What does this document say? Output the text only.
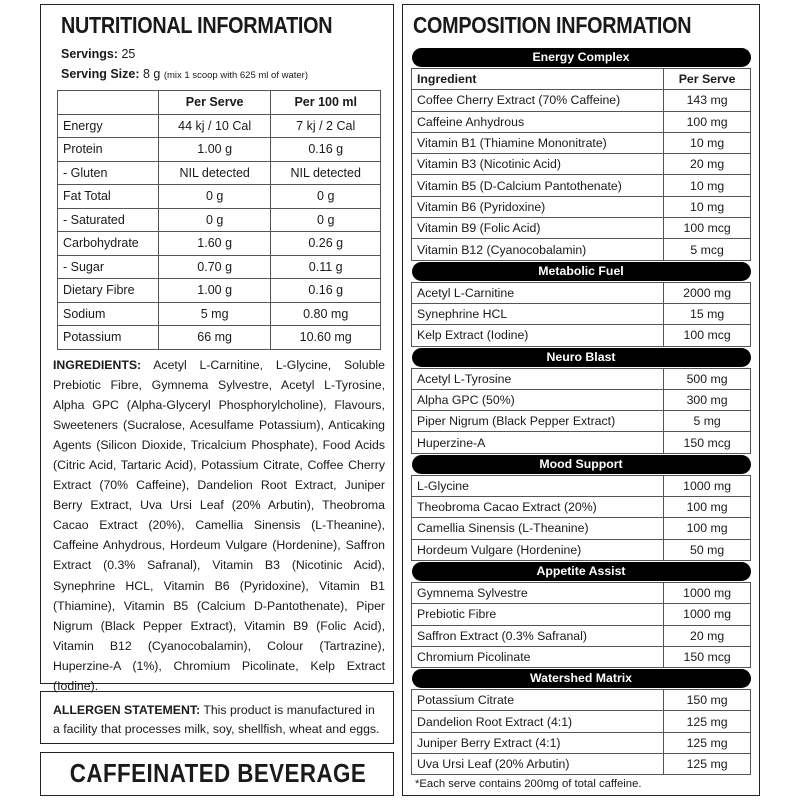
NUTRITIONAL INFORMATION
Servings: 25
Serving Size: 8 g (mix 1 scoop with 625 ml of water)
	Per Serve	Per 100 ml
Energy	44 kj / 10 Cal	7 kj / 2 Cal
Protein	1.00 g	0.16 g
- Gluten	NIL detected	NIL detected
Fat Total	0 g	0 g
- Saturated	0 g	0 g
Carbohydrate	1.60 g	0.26 g
- Sugar	0.70 g	0.11 g
Dietary Fibre	1.00 g	0.16 g
Sodium	5 mg	0.80 mg
Potassium	66 mg	10.60 mg
INGREDIENTS: Acetyl L-Carnitine, L-Glycine, Soluble Prebiotic Fibre, Gymnema Sylvestre, Acetyl L-Tyrosine, Alpha GPC (Alpha-Glyceryl Phosphorylcholine), Flavours, Sweeteners (Sucralose, Acesulfame Potassium), Anticaking Agents (Silicon Dioxide, Tricalcium Phosphate), Food Acids (Citric Acid, Tartaric Acid), Potassium Citrate, Coffee Cherry Extract (70% Caffeine), Dandelion Root Extract, Juniper Berry Extract, Uva Ursi Leaf (20% Arbutin), Theobroma Cacao Extract (20%), Camellia Sinensis (L-Theanine), Caffeine Anhydrous, Hordeum Vulgare (Hordenine), Saffron Extract (0.3% Safranal), Vitamin B3 (Nicotinic Acid), Synephrine HCL, Vitamin B6 (Pyridoxine), Vitamin B1 (Thiamine), Vitamin B5 (Calcium D-Pantothenate), Piper Nigrum (Black Pepper Extract), Vitamin B9 (Folic Acid), Vitamin B12 (Cyanocobalamin), Colour (Tartrazine), Huperzine-A (1%), Chromium Picolinate, Kelp Extract (Iodine).
ALLERGEN STATEMENT: This product is manufactured in a facility that processes milk, soy, shellfish, wheat and eggs.
CAFFEINATED BEVERAGE
COMPOSITION INFORMATION
Energy Complex	

Ingredient	Per Serve
Coffee Cherry Extract (70% Caffeine)	143 mg
Caffeine Anhydrous	100 mg
Vitamin B1 (Thiamine Mononitrate)	10 mg
Vitamin B3 (Nicotinic Acid)	20 mg
Vitamin B5 (D-Calcium Pantothenate)	10 mg
Vitamin B6 (Pyridoxine)	10 mg
Vitamin B9 (Folic Acid)	100 mcg
Vitamin B12 (Cyanocobalamin)	5 mcg

Metabolic Fuel	

Acetyl L-Carnitine	2000 mg
Synephrine HCL	15 mg
Kelp Extract (Iodine)	100 mcg

Neuro Blast	

Acetyl L-Tyrosine	500 mg
Alpha GPC (50%)	300 mg
Piper Nigrum (Black Pepper Extract)	5 mg
Huperzine-A	150 mcg

Mood Support	

L-Glycine	1000 mg
Theobroma Cacao Extract (20%)	100 mg
Camellia Sinensis (L-Theanine)	100 mg
Hordeum Vulgare (Hordenine)	50 mg

Appetite Assist	

Gymnema Sylvestre	1000 mg
Prebiotic Fibre	1000 mg
Saffron Extract (0.3% Safranal)	20 mg
Chromium Picolinate	150 mcg

Watershed Matrix	

Potassium Citrate	150 mg
Dandelion Root Extract (4:1)	125 mg
Juniper Berry Extract (4:1)	125 mg
Uva Ursi Leaf (20% Arbutin)	125 mg
*Each serve contains 200mg of total caffeine.
